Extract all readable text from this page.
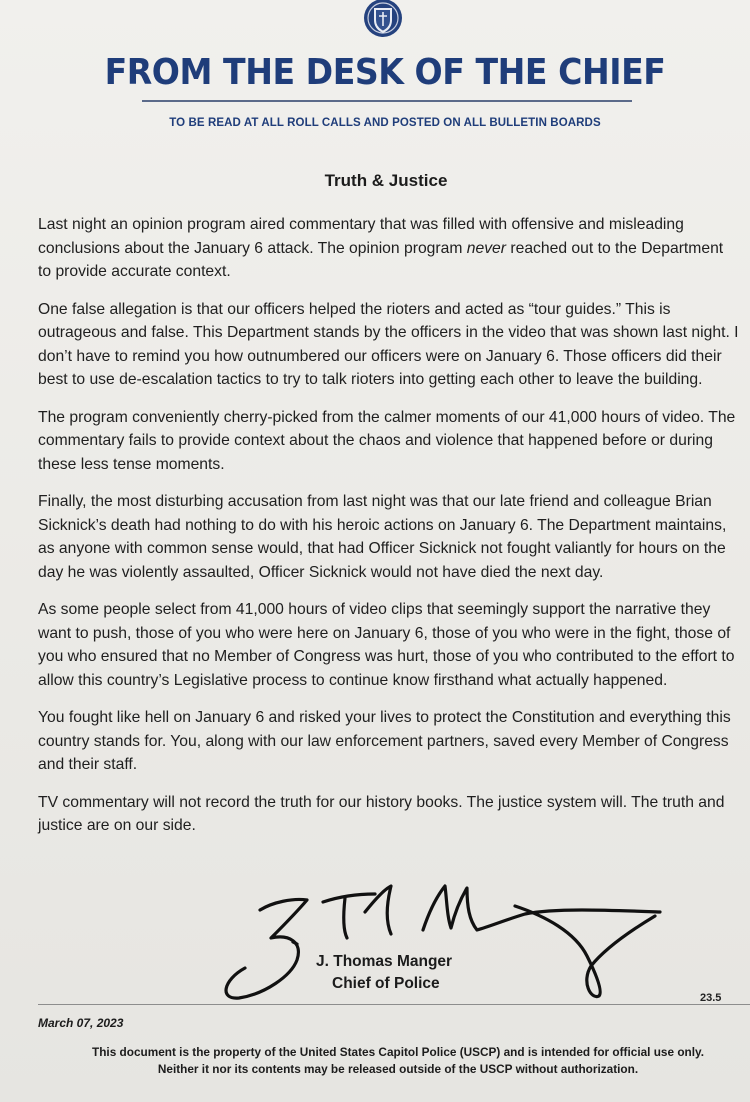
FROM THE DESK OF THE CHIEF
TO BE READ AT ALL ROLL CALLS AND POSTED ON ALL BULLETIN BOARDS
Truth & Justice

Last night an opinion program aired commentary that was filled with offensive and misleading conclusions about the January 6 attack. The opinion program never reached out to the Department to provide accurate context.

One false allegation is that our officers helped the rioters and acted as “tour guides.” This is outrageous and false. This Department stands by the officers in the video that was shown last night. I don’t have to remind you how outnumbered our officers were on January 6. Those officers did their best to use de-escalation tactics to try to talk rioters into getting each other to leave the building.

The program conveniently cherry-picked from the calmer moments of our 41,000 hours of video. The commentary fails to provide context about the chaos and violence that happened before or during these less tense moments.

Finally, the most disturbing accusation from last night was that our late friend and colleague Brian Sicknick’s death had nothing to do with his heroic actions on January 6. The Department maintains, as anyone with common sense would, that had Officer Sicknick not fought valiantly for hours on the day he was violently assaulted, Officer Sicknick would not have died the next day.

As some people select from 41,000 hours of video clips that seemingly support the narrative they want to push, those of you who were here on January 6, those of you who were in the fight, those of you who ensured that no Member of Congress was hurt, those of you who contributed to the effort to allow this country’s Legislative process to continue know firsthand what actually happened.

You fought like hell on January 6 and risked your lives to protect the Constitution and everything this country stands for. You, along with our law enforcement partners, saved every Member of Congress and their staff.

TV commentary will not record the truth for our history books. The justice system will. The truth and justice are on our side.

J. Thomas Manger
Chief of Police
23.5
March 07, 2023
This document is the property of the United States Capitol Police (USCP) and is intended for official use only.
Neither it nor its contents may be released outside of the USCP without authorization.
